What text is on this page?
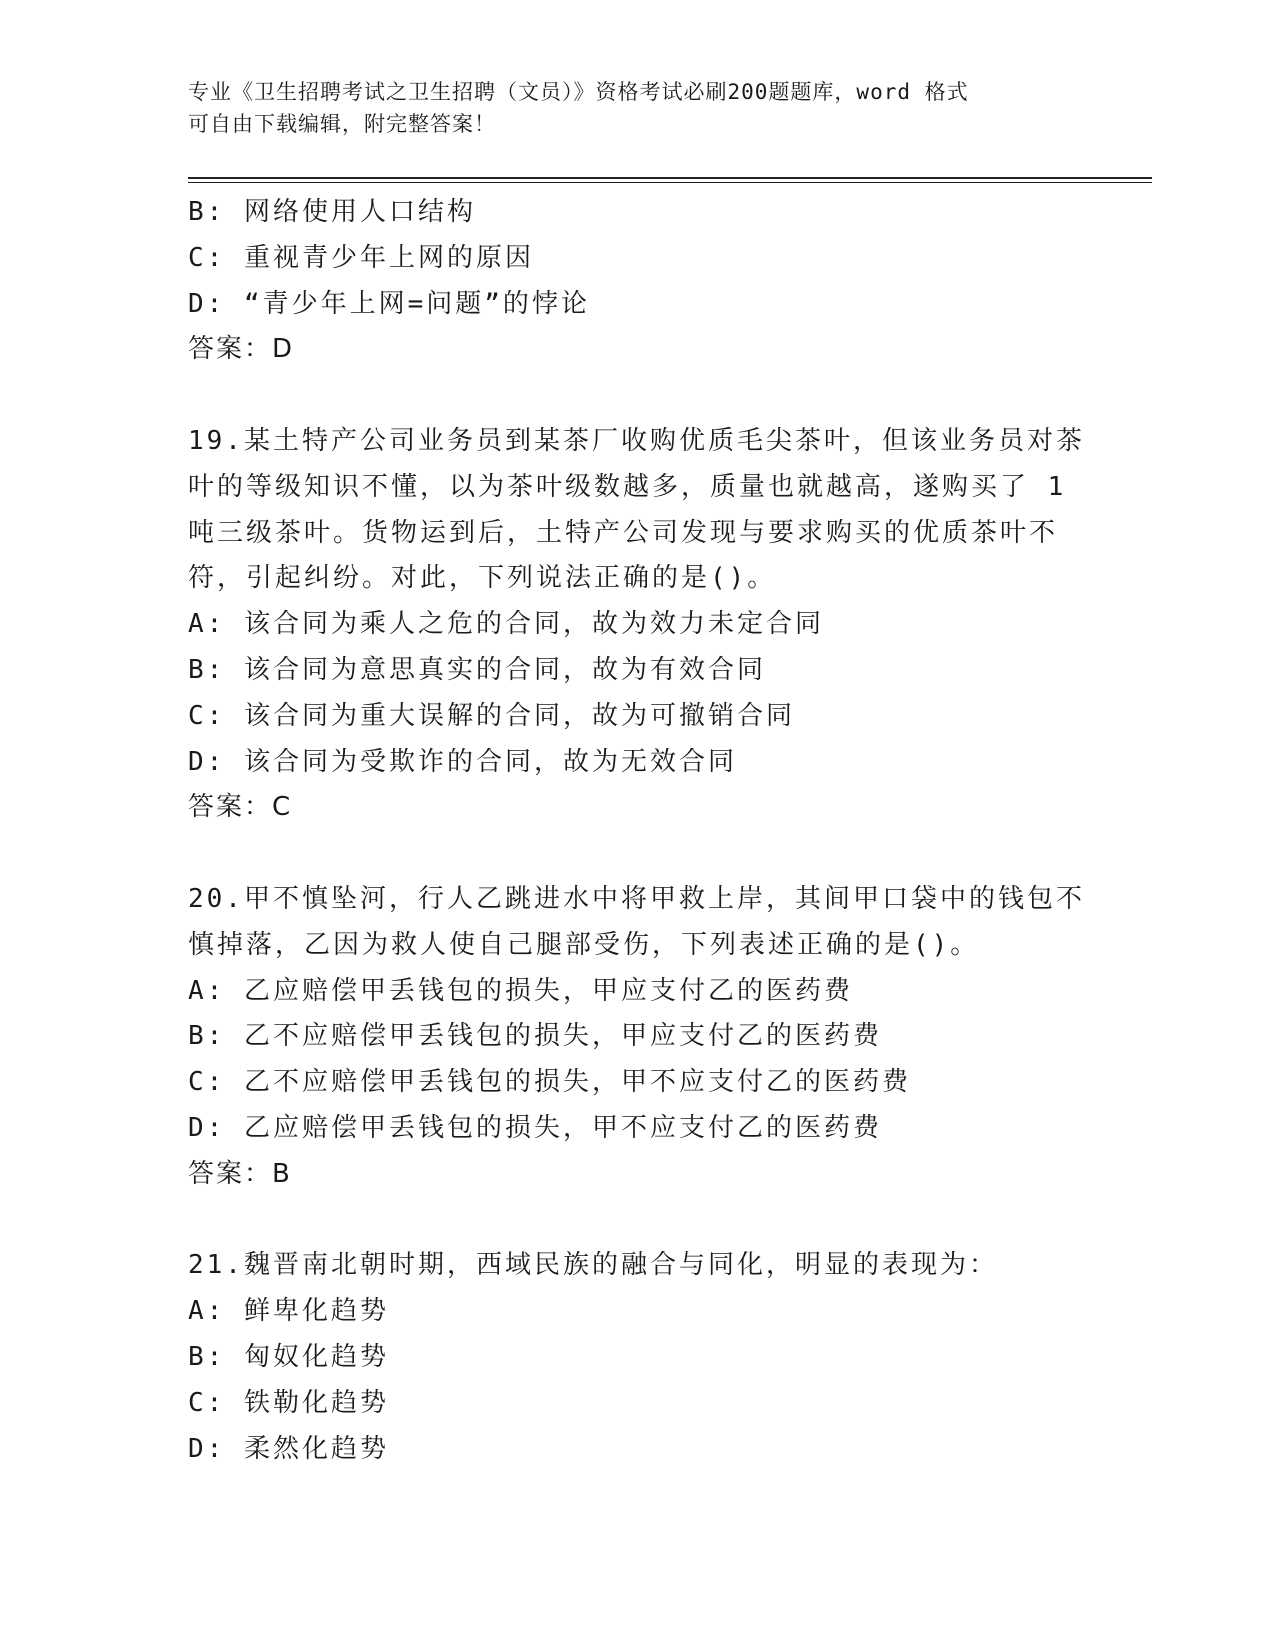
专业《卫生招聘考试之卫生招聘（文员）》资格考试必刷200题题库，word 格式
可自由下载编辑，附完整答案！
B: 网络使用人口结构
C: 重视青少年上网的原因
D: “青少年上网=问题”的悖论
答案：D
19.某土特产公司业务员到某茶厂收购优质毛尖茶叶，但该业务员对茶
叶的等级知识不懂，以为茶叶级数越多，质量也就越高，遂购买了 1
吨三级茶叶。货物运到后，土特产公司发现与要求购买的优质茶叶不
符，引起纠纷。对此，下列说法正确的是()。
A: 该合同为乘人之危的合同，故为效力未定合同
B: 该合同为意思真实的合同，故为有效合同
C: 该合同为重大误解的合同，故为可撤销合同
D: 该合同为受欺诈的合同，故为无效合同
答案：C
20.甲不慎坠河，行人乙跳进水中将甲救上岸，其间甲口袋中的钱包不
慎掉落，乙因为救人使自己腿部受伤，下列表述正确的是()。
A: 乙应赔偿甲丢钱包的损失，甲应支付乙的医药费
B: 乙不应赔偿甲丢钱包的损失，甲应支付乙的医药费
C: 乙不应赔偿甲丢钱包的损失，甲不应支付乙的医药费
D: 乙应赔偿甲丢钱包的损失，甲不应支付乙的医药费
答案：B
21.魏晋南北朝时期，西域民族的融合与同化，明显的表现为：
A: 鲜卑化趋势
B: 匈奴化趋势
C: 铁勒化趋势
D: 柔然化趋势
